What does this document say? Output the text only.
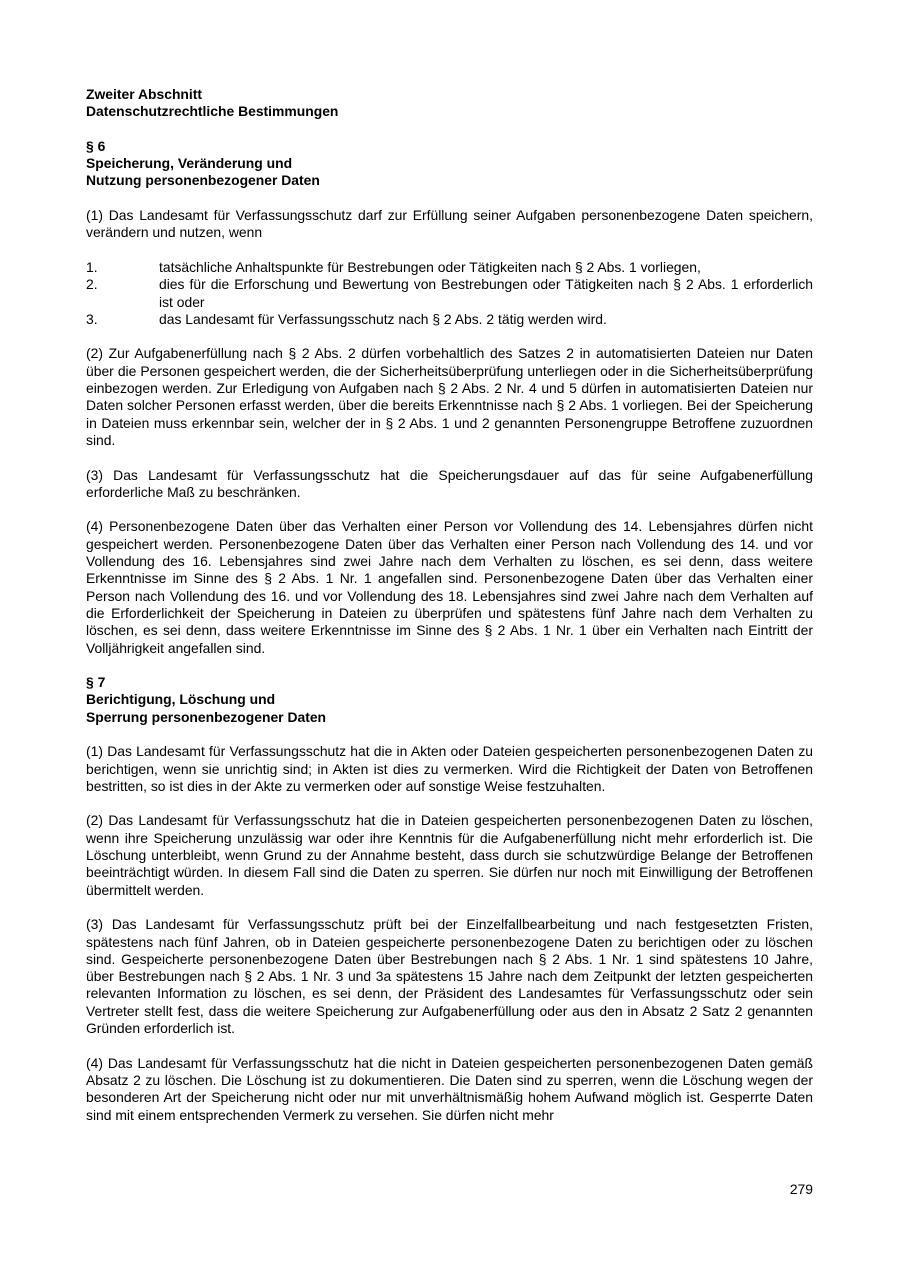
Zweiter Abschnitt

Datenschutzrechtliche Bestimmungen

§ 6

Speicherung, Veränderung und

Nutzung personenbezogener Daten

(1) Das Landesamt für Verfassungsschutz darf zur Erfüllung seiner Aufgaben personenbezogene Daten speichern, verändern und nutzen, wenn

1.	tatsächliche Anhaltspunkte für Bestrebungen oder Tätigkeiten nach § 2 Abs. 1 vorliegen,
2.	dies für die Erforschung und Bewertung von Bestrebungen oder Tätigkeiten nach § 2 Abs. 1 erforderlich ist oder
3.	das Landesamt für Verfassungsschutz nach § 2 Abs. 2 tätig werden wird.

(2) Zur Aufgabenerfüllung nach § 2 Abs. 2 dürfen vorbehaltlich des Satzes 2 in automatisierten Dateien nur Daten über die Personen gespeichert werden, die der Sicherheitsüberprüfung unterliegen oder in die Sicherheitsüberprüfung einbezogen werden. Zur Erledigung von Aufgaben nach § 2 Abs. 2 Nr. 4 und 5 dürfen in automatisierten Dateien nur Daten solcher Personen erfasst werden, über die bereits Erkenntnisse nach § 2 Abs. 1 vorliegen. Bei der Speicherung in Dateien muss erkennbar sein, welcher der in § 2 Abs. 1 und 2 genannten Personengruppe Betroffene zuzuordnen sind.

(3) Das Landesamt für Verfassungsschutz hat die Speicherungsdauer auf das für seine Aufgabenerfüllung erforderliche Maß zu beschränken.

(4) Personenbezogene Daten über das Verhalten einer Person vor Vollendung des 14. Lebensjahres dürfen nicht gespeichert werden. Personenbezogene Daten über das Verhalten einer Person nach Vollendung des 14. und vor Vollendung des 16. Lebensjahres sind zwei Jahre nach dem Verhalten zu löschen, es sei denn, dass weitere Erkenntnisse im Sinne des § 2 Abs. 1 Nr. 1 angefallen sind. Personenbezogene Daten über das Verhalten einer Person nach Vollendung des 16. und vor Vollendung des 18. Lebensjahres sind zwei Jahre nach dem Verhalten auf die Erforderlichkeit der Speicherung in Dateien zu überprüfen und spätestens fünf Jahre nach dem Verhalten zu löschen, es sei denn, dass weitere Erkenntnisse im Sinne des § 2 Abs. 1 Nr. 1 über ein Verhalten nach Eintritt der Volljährigkeit angefallen sind.

§ 7

Berichtigung, Löschung und

Sperrung personenbezogener Daten

(1) Das Landesamt für Verfassungsschutz hat die in Akten oder Dateien gespeicherten personenbezogenen Daten zu berichtigen, wenn sie unrichtig sind; in Akten ist dies zu vermerken. Wird die Richtigkeit der Daten von Betroffenen bestritten, so ist dies in der Akte zu vermerken oder auf sonstige Weise festzuhalten.

(2) Das Landesamt für Verfassungsschutz hat die in Dateien gespeicherten personenbezogenen Daten zu löschen, wenn ihre Speicherung unzulässig war oder ihre Kenntnis für die Aufgabenerfüllung nicht mehr erforderlich ist. Die Löschung unterbleibt, wenn Grund zu der Annahme besteht, dass durch sie schutzwürdige Belange der Betroffenen beeinträchtigt würden. In diesem Fall sind die Daten zu sperren. Sie dürfen nur noch mit Einwilligung der Betroffenen übermittelt werden.

(3) Das Landesamt für Verfassungsschutz prüft bei der Einzelfallbearbeitung und nach festgesetzten Fristen, spätestens nach fünf Jahren, ob in Dateien gespeicherte personenbezogene Daten zu berichtigen oder zu löschen sind. Gespeicherte personenbezogene Daten über Bestrebungen nach § 2 Abs. 1 Nr. 1 sind spätestens 10 Jahre, über Bestrebungen nach § 2 Abs. 1 Nr. 3 und 3a spätestens 15 Jahre nach dem Zeitpunkt der letzten gespeicherten relevanten Information zu löschen, es sei denn, der Präsident des Landesamtes für Verfassungsschutz oder sein Vertreter stellt fest, dass die weitere Speicherung zur Aufgabenerfüllung oder aus den in Absatz 2 Satz 2 genannten Gründen erforderlich ist.

(4) Das Landesamt für Verfassungsschutz hat die nicht in Dateien gespeicherten personenbezogenen Daten gemäß Absatz 2 zu löschen. Die Löschung ist zu dokumentieren. Die Daten sind zu sperren, wenn die Löschung wegen der besonderen Art der Speicherung nicht oder nur mit unverhältnismäßig hohem Aufwand möglich ist. Gesperrte Daten sind mit einem entsprechenden Vermerk zu versehen. Sie dürfen nicht mehr

279
